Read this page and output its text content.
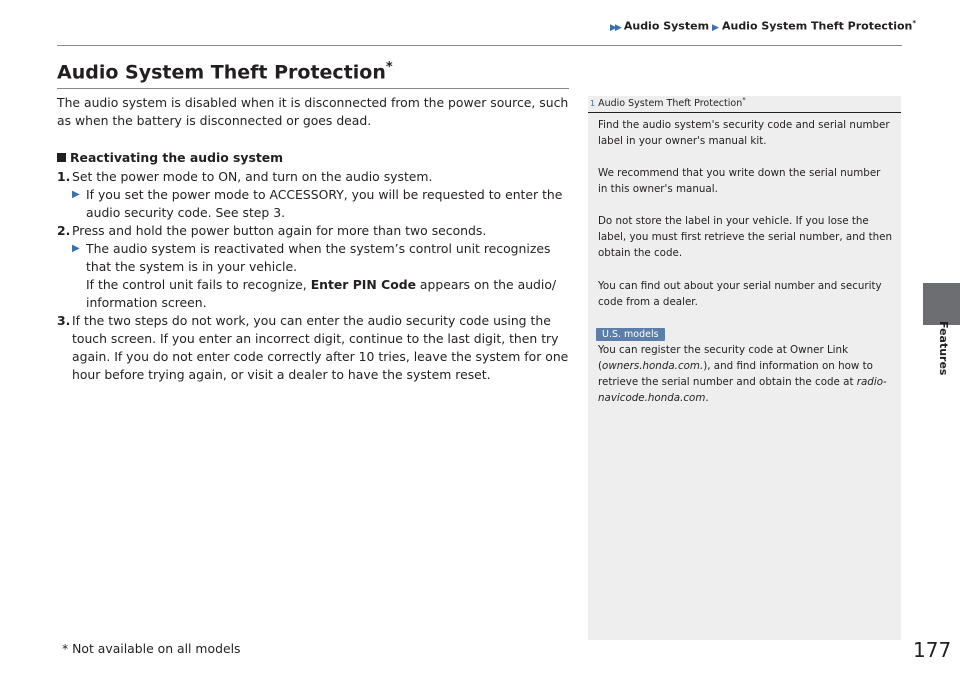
▶▶ Audio System ▶ Audio System Theft Protection*
Features
Audio System Theft Protection*
The audio system is disabled when it is disconnected from the power source, such as when the battery is disconnected or goes dead.
Reactivating the audio system
1. Set the power mode to ON, and turn on the audio system.
▶ If you set the power mode to ACCESSORY, you will be requested to enter the audio security code. See step 3.
2. Press and hold the power button again for more than two seconds.
▶ The audio system is reactivated when the system’s control unit recognizes that the system is in your vehicle.
If the control unit fails to recognize, Enter PIN Code appears on the audio/ information screen.
3. If the two steps do not work, you can enter the audio security code using the touch screen. If you enter an incorrect digit, continue to the last digit, then try again. If you do not enter code correctly after 10 tries, leave the system for one hour before trying again, or visit a dealer to have the system reset.
1 Audio System Theft Protection*
Find the audio system's security code and serial number label in your owner's manual kit.
We recommend that you write down the serial number in this owner's manual.
Do not store the label in your vehicle. If you lose the label, you must first retrieve the serial number, and then obtain the code.
You can find out about your serial number and security code from a dealer.
U.S. models
You can register the security code at Owner Link (owners.honda.com.), and find information on how to retrieve the serial number and obtain the code at radio-navicode.honda.com.
* Not available on all models	177
